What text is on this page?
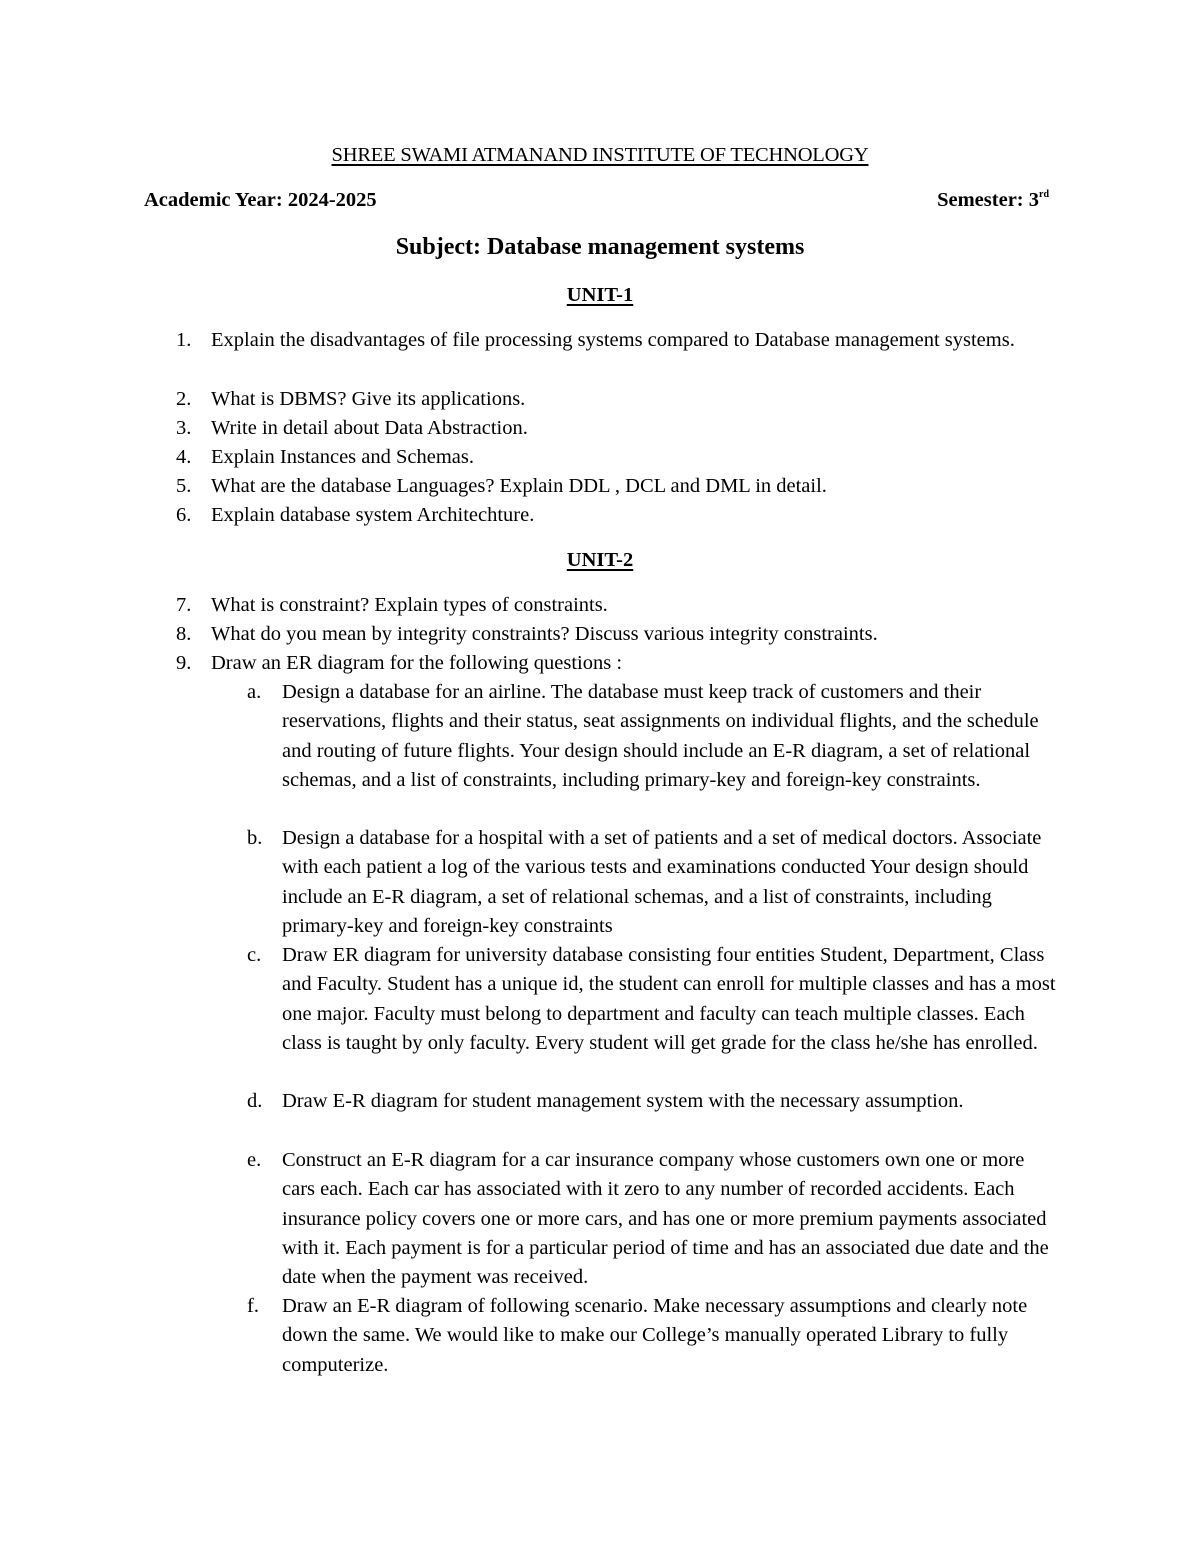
SHREE SWAMI ATMANAND INSTITUTE OF TECHNOLOGY
Academic Year: 2024-2025	Semester: 3rd
Subject: Database management systems
UNIT-1
1. Explain the disadvantages of file processing systems compared to Database management systems.
2. What is DBMS? Give its applications.
3. Write in detail about Data Abstraction.
4. Explain Instances and Schemas.
5. What are the database Languages? Explain DDL , DCL and DML in detail.
6. Explain database system Architechture.
UNIT-2
7. What is constraint? Explain types of constraints.
8. What do you mean by integrity constraints? Discuss various integrity constraints.
9. Draw an ER diagram for the following questions :
a. Design a database for an airline. The database must keep track of customers and their reservations, flights and their status, seat assignments on individual flights, and the schedule and routing of future flights. Your design should include an E-R diagram, a set of relational schemas, and a list of constraints, including primary-key and foreign-key constraints.
b. Design a database for a hospital with a set of patients and a set of medical doctors. Associate with each patient a log of the various tests and examinations conducted Your design should include an E-R diagram, a set of relational schemas, and a list of constraints, including primary-key and foreign-key constraints
c. Draw ER diagram for university database consisting four entities Student, Department, Class and Faculty. Student has a unique id, the student can enroll for multiple classes and has a most one major. Faculty must belong to department and faculty can teach multiple classes. Each class is taught by only faculty. Every student will get grade for the class he/she has enrolled.
d. Draw E-R diagram for student management system with the necessary assumption.
e. Construct an E-R diagram for a car insurance company whose customers own one or more cars each. Each car has associated with it zero to any number of recorded accidents. Each insurance policy covers one or more cars, and has one or more premium payments associated with it. Each payment is for a particular period of time and has an associated due date and the date when the payment was received.
f. Draw an E-R diagram of following scenario. Make necessary assumptions and clearly note down the same. We would like to make our College’s manually operated Library to fully computerize.
